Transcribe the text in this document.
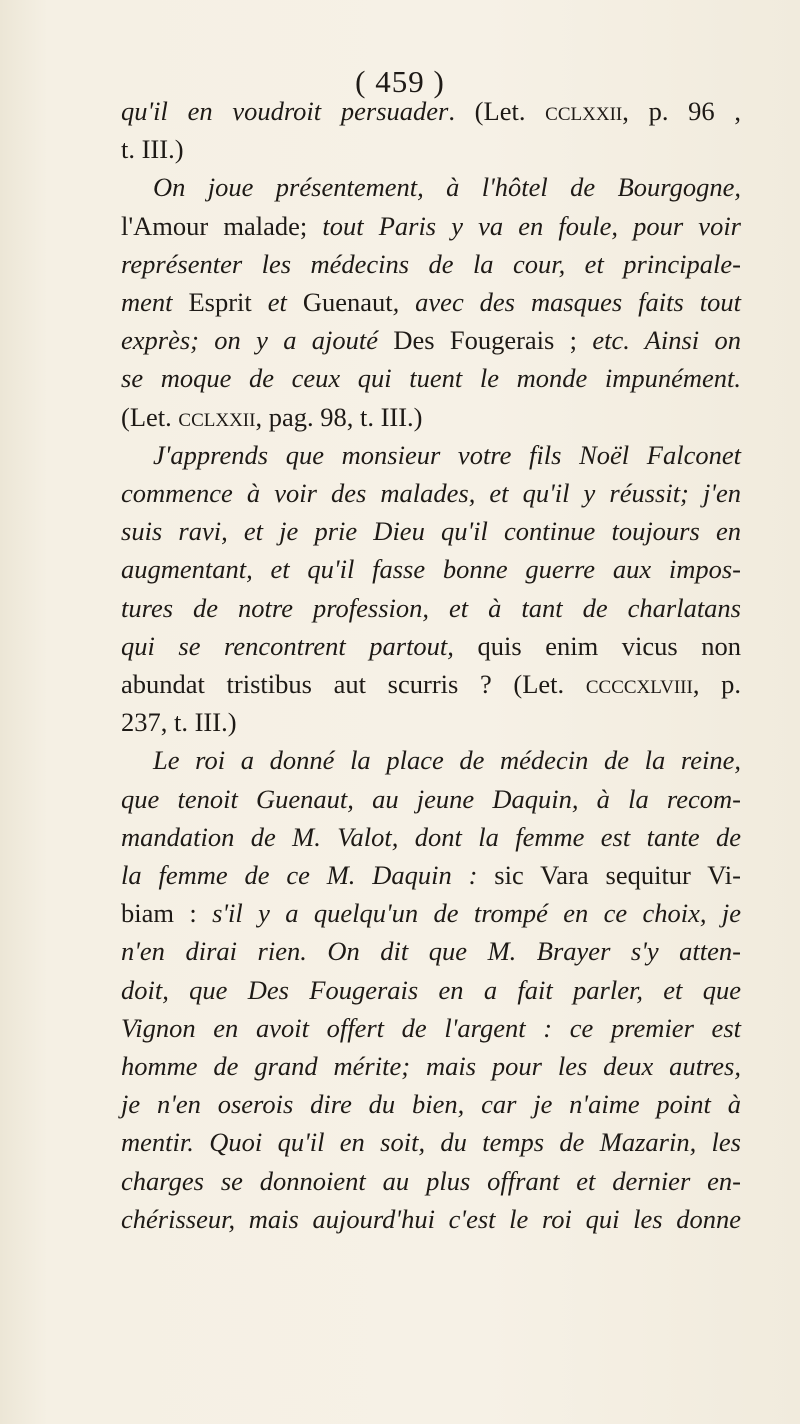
( 459 )
qu'il en voudroit persuader. (Let. cclxxii, p. 96 ,
t. III.)
On joue présentement, à l'hôtel de Bourgogne,
l'Amour malade; tout Paris y va en foule, pour voir
représenter les médecins de la cour, et principale-
ment Esprit et Guenaut, avec des masques faits tout
exprès; on y a ajouté Des Fougerais ; etc. Ainsi on
se moque de ceux qui tuent le monde impunément.
(Let. cclxxii, pag. 98, t. III.)
J'apprends que monsieur votre fils Noël Falconet
commence à voir des malades, et qu'il y réussit; j'en
suis ravi, et je prie Dieu qu'il continue toujours en
augmentant, et qu'il fasse bonne guerre aux impos-
tures de notre profession, et à tant de charlatans
qui se rencontrent partout, quis enim vicus non
abundat tristibus aut scurris ? (Let. ccccxlviii, p.
237, t. III.)
Le roi a donné la place de médecin de la reine,
que tenoit Guenaut, au jeune Daquin, à la recom-
mandation de M. Valot, dont la femme est tante de
la femme de ce M. Daquin : sic Vara sequitur Vi-
biam : s'il y a quelqu'un de trompé en ce choix, je
n'en dirai rien. On dit que M. Brayer s'y atten-
doit, que Des Fougerais en a fait parler, et que
Vignon en avoit offert de l'argent : ce premier est
homme de grand mérite; mais pour les deux autres,
je n'en oserois dire du bien, car je n'aime point à
mentir. Quoi qu'il en soit, du temps de Mazarin, les
charges se donnoient au plus offrant et dernier en-
chérisseur, mais aujourd'hui c'est le roi qui les donne
